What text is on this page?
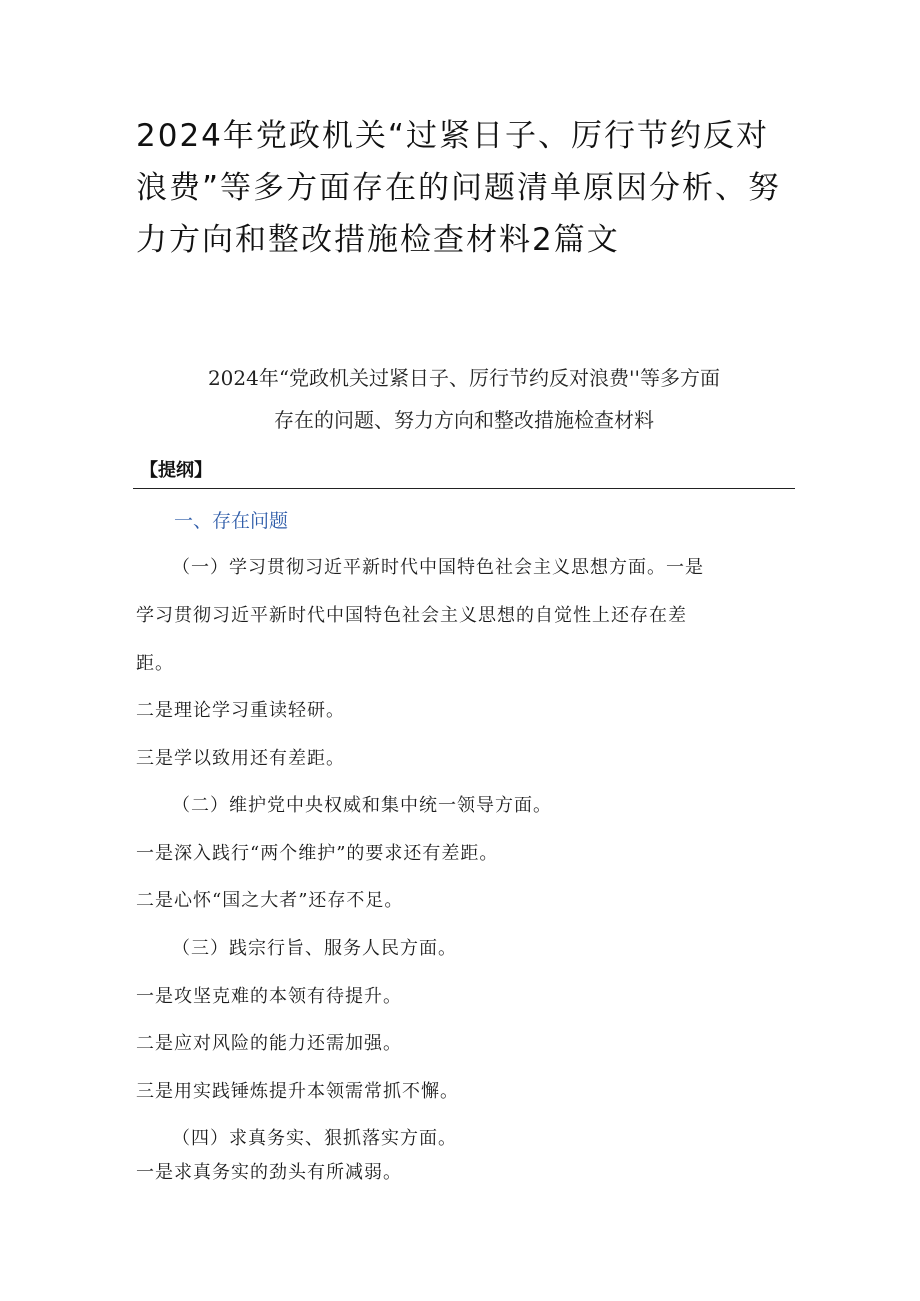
2024年党政机关“过紧日子、厉行节约反对
浪费”等多方面存在的问题清单原因分析、努
力方向和整改措施检查材料2篇文
2024年“党政机关过紧日子、厉行节约反对浪费''等多方面
存在的问题、努力方向和整改措施检查材料
【提纲】
一、存在问题
（一）学习贯彻习近平新时代中国特色社会主义思想方面。一是
学习贯彻习近平新时代中国特色社会主义思想的自觉性上还存在差
距。
二是理论学习重读轻研。
三是学以致用还有差距。
（二）维护党中央权威和集中统一领导方面。
一是深入践行“两个维护”的要求还有差距。
二是心怀“国之大者”还存不足。
（三）践宗行旨、服务人民方面。
一是攻坚克难的本领有待提升。
二是应对风险的能力还需加强。
三是用实践锤炼提升本领需常抓不懈。
（四）求真务实、狠抓落实方面。
一是求真务实的劲头有所减弱。
